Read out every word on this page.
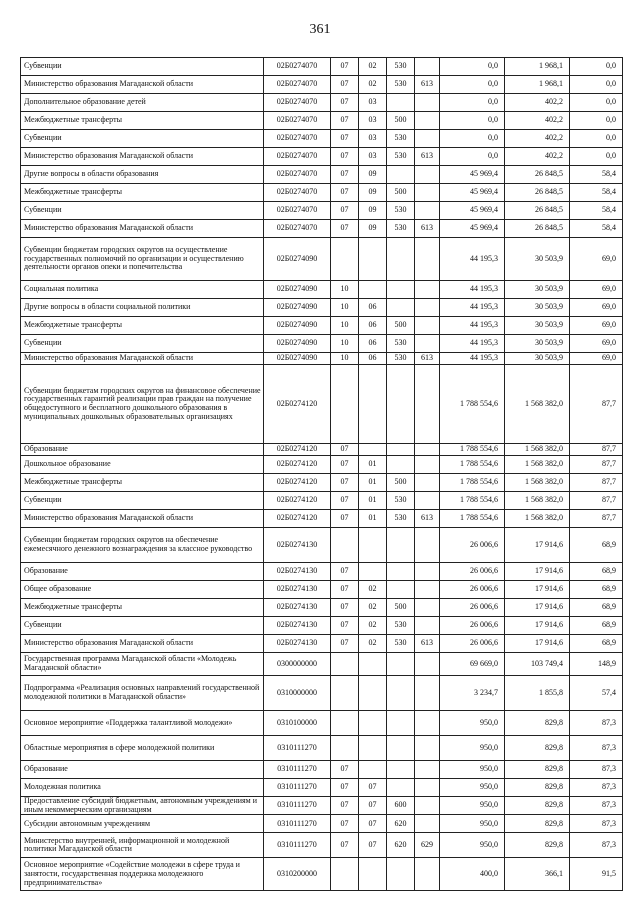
361
Субвенции	02Б0274070	07	02	530		0,0	1 968,1	0,0
Министерство образования Магаданской области	02Б0274070	07	02	530	613	0,0	1 968,1	0,0
Дополнительное образование детей	02Б0274070	07	03			0,0	402,2	0,0
Межбюджетные трансферты	02Б0274070	07	03	500		0,0	402,2	0,0
Субвенции	02Б0274070	07	03	530		0,0	402,2	0,0
Министерство образования Магаданской области	02Б0274070	07	03	530	613	0,0	402,2	0,0
Другие вопросы в области образования	02Б0274070	07	09			45 969,4	26 848,5	58,4
Межбюджетные трансферты	02Б0274070	07	09	500		45 969,4	26 848,5	58,4
Субвенции	02Б0274070	07	09	530		45 969,4	26 848,5	58,4
Министерство образования Магаданской области	02Б0274070	07	09	530	613	45 969,4	26 848,5	58,4
Субвенции бюджетам городских округов на осуществление государственных полномочий по организации и осуществлению деятельности органов опеки и попечительства	02Б0274090					44 195,3	30 503,9	69,0
Социальная политика	02Б0274090	10				44 195,3	30 503,9	69,0
Другие вопросы в области социальной политики	02Б0274090	10	06			44 195,3	30 503,9	69,0
Межбюджетные трансферты	02Б0274090	10	06	500		44 195,3	30 503,9	69,0
Субвенции	02Б0274090	10	06	530		44 195,3	30 503,9	69,0
Министерство образования Магаданской области	02Б0274090	10	06	530	613	44 195,3	30 503,9	69,0
Субвенции бюджетам городских округов на финансовое обеспечение государственных гарантий реализации прав граждан на получение общедоступного и бесплатного дошкольного образования в муниципальных дошкольных образовательных организациях	02Б0274120					1 788 554,6	1 568 382,0	87,7
Образование	02Б0274120	07				1 788 554,6	1 568 382,0	87,7
Дошкольное образование	02Б0274120	07	01			1 788 554,6	1 568 382,0	87,7
Межбюджетные трансферты	02Б0274120	07	01	500		1 788 554,6	1 568 382,0	87,7
Субвенции	02Б0274120	07	01	530		1 788 554,6	1 568 382,0	87,7
Министерство образования Магаданской области	02Б0274120	07	01	530	613	1 788 554,6	1 568 382,0	87,7
Субвенции бюджетам городских округов на обеспечение ежемесячного денежного вознаграждения за классное руководство	02Б0274130					26 006,6	17 914,6	68,9
Образование	02Б0274130	07				26 006,6	17 914,6	68,9
Общее образование	02Б0274130	07	02			26 006,6	17 914,6	68,9
Межбюджетные трансферты	02Б0274130	07	02	500		26 006,6	17 914,6	68,9
Субвенции	02Б0274130	07	02	530		26 006,6	17 914,6	68,9
Министерство образования Магаданской области	02Б0274130	07	02	530	613	26 006,6	17 914,6	68,9
Государственная программа Магаданской области «Молодежь Магаданской области»	0300000000					69 669,0	103 749,4	148,9
Подпрограмма «Реализация основных направлений государственной молодежной политики в Магаданской области»	0310000000					3 234,7	1 855,8	57,4
Основное мероприятие «Поддержка талантливой молодежи»	0310100000					950,0	829,8	87,3
Областные мероприятия в сфере молодежной политики	0310111270					950,0	829,8	87,3
Образование	0310111270	07				950,0	829,8	87,3
Молодежная политика	0310111270	07	07			950,0	829,8	87,3
Предоставление субсидий бюджетным, автономным учреждениям и иным некоммерческим организациям	0310111270	07	07	600		950,0	829,8	87,3
Субсидии автономным учреждениям	0310111270	07	07	620		950,0	829,8	87,3
Министерство внутренней, информационной и молодежной политики Магаданской области	0310111270	07	07	620	629	950,0	829,8	87,3
Основное мероприятие «Содействие молодежи в сфере труда и занятости, государственная поддержка молодежного предпринимательства»	0310200000					400,0	366,1	91,5
